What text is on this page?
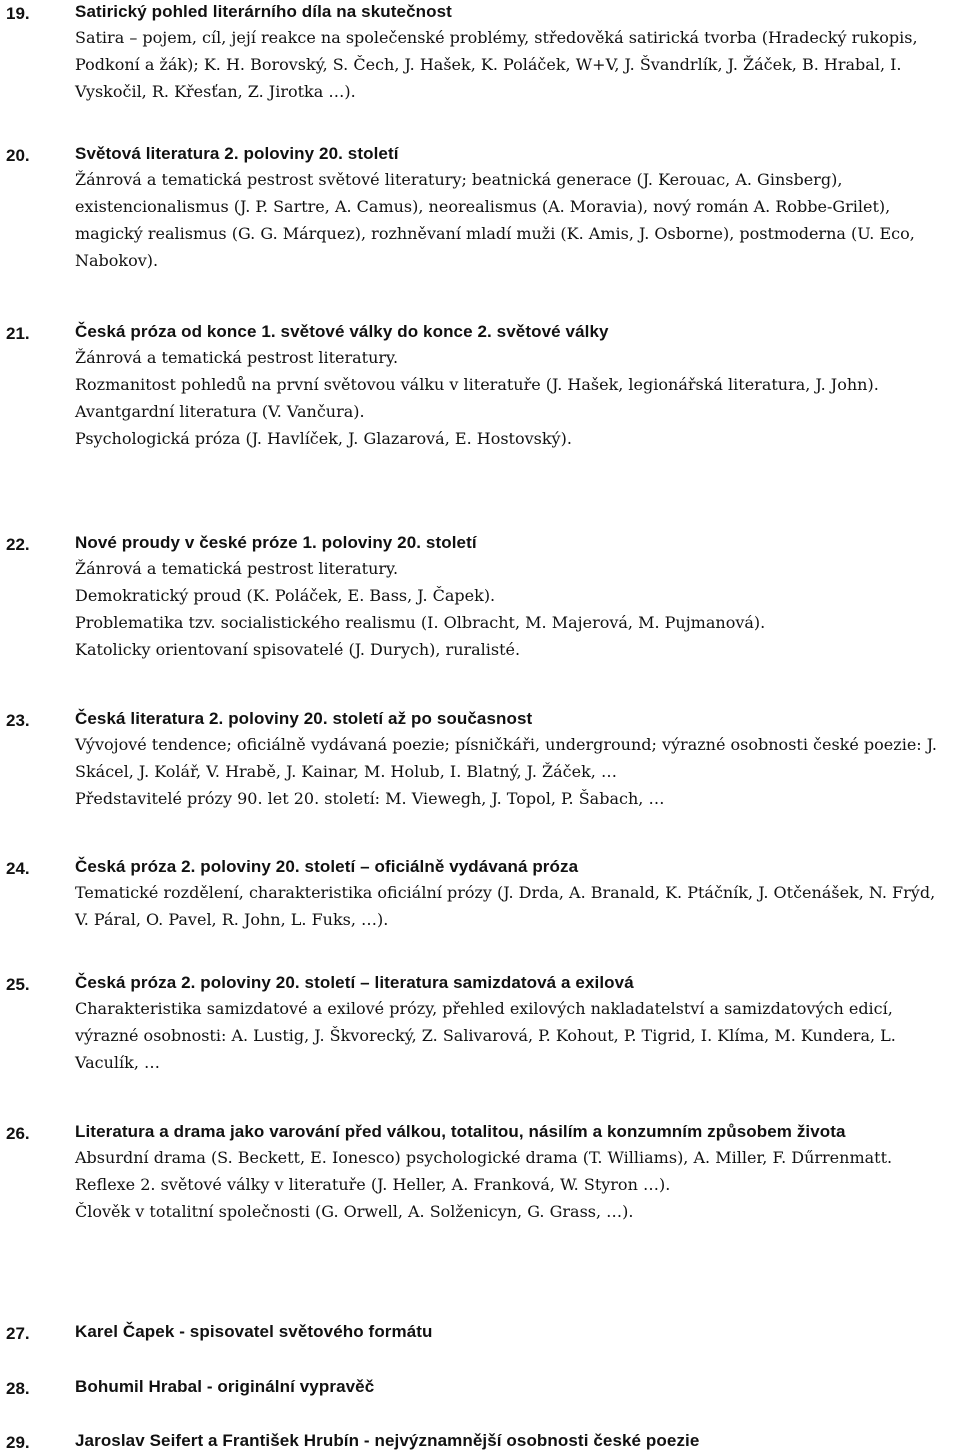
19.	Satirický pohled literárního díla na skutečnost

Satira – pojem, cíl, její reakce na společenské problémy, středověká satirická tvorba (Hradecký rukopis, Podkoní a žák); K. H. Borovský, S. Čech, J. Hašek, K. Poláček, W+V, J. Švandrlík, J. Žáček, B. Hrabal, I. Vyskočil, R. Křesťan, Z. Jirotka …).

20.	Světová literatura 2. poloviny 20. století

Žánrová a tematická pestrost světové literatury; beatnická generace (J. Kerouac, A. Ginsberg), existencionalismus (J. P. Sartre, A. Camus), neorealismus (A. Moravia), nový román A. Robbe-Grilet), magický realismus (G. G. Márquez), rozhněvaní mladí muži (K. Amis, J. Osborne), postmoderna (U. Eco, Nabokov).

21.	Česká próza od konce 1. světové války do konce 2. světové války

Žánrová a tematická pestrost literatury.

Rozmanitost pohledů na první světovou válku v literatuře (J. Hašek, legionářská literatura, J. John).

Avantgardní literatura (V. Vančura).

Psychologická próza (J. Havlíček, J. Glazarová, E. Hostovský).

22.	Nové proudy v české próze 1. poloviny 20. století

Žánrová a tematická pestrost literatury.

Demokratický proud (K. Poláček, E. Bass, J. Čapek).

Problematika tzv. socialistického realismu (I. Olbracht, M. Majerová, M. Pujmanová).

Katolicky orientovaní spisovatelé (J. Durych), ruralisté.

23.	Česká literatura 2. poloviny 20. století až po současnost

Vývojové tendence; oficiálně vydávaná poezie; písničkáři, underground; výrazné osobnosti české poezie: J. Skácel, J. Kolář, V. Hrabě, J. Kainar, M. Holub, I. Blatný, J. Žáček, …

Představitelé prózy 90. let 20. století: M. Viewegh, J. Topol, P. Šabach, …

24.	Česká próza 2. poloviny 20. století – oficiálně vydávaná próza

Tematické rozdělení, charakteristika oficiální prózy (J. Drda, A. Branald, K. Ptáčník, J. Otčenášek, N. Frýd, V. Páral, O. Pavel, R. John, L. Fuks, …).

25.	Česká próza 2. poloviny 20. století – literatura samizdatová a exilová

Charakteristika samizdatové a exilové prózy, přehled exilových nakladatelství a samizdatových edicí, výrazné osobnosti: A. Lustig, J. Škvorecký, Z. Salivarová, P. Kohout, P. Tigrid, I. Klíma, M. Kundera, L. Vaculík, …

26.	Literatura a drama jako varování před válkou, totalitou, násilím a konzumním způsobem života

Absurdní drama (S. Beckett, E. Ionesco) psychologické drama (T. Williams), A. Miller, F. Dűrrenmatt.

Reflexe 2. světové války v literatuře (J. Heller, A. Franková, W. Styron …).

Člověk v totalitní společnosti (G. Orwell, A. Solženicyn, G. Grass, …).

27.	Karel Čapek - spisovatel světového formátu
28.	Bohumil Hrabal - originální vypravěč
29.	Jaroslav Seifert a František Hrubín - nejvýznamnější osobnosti české poezie
